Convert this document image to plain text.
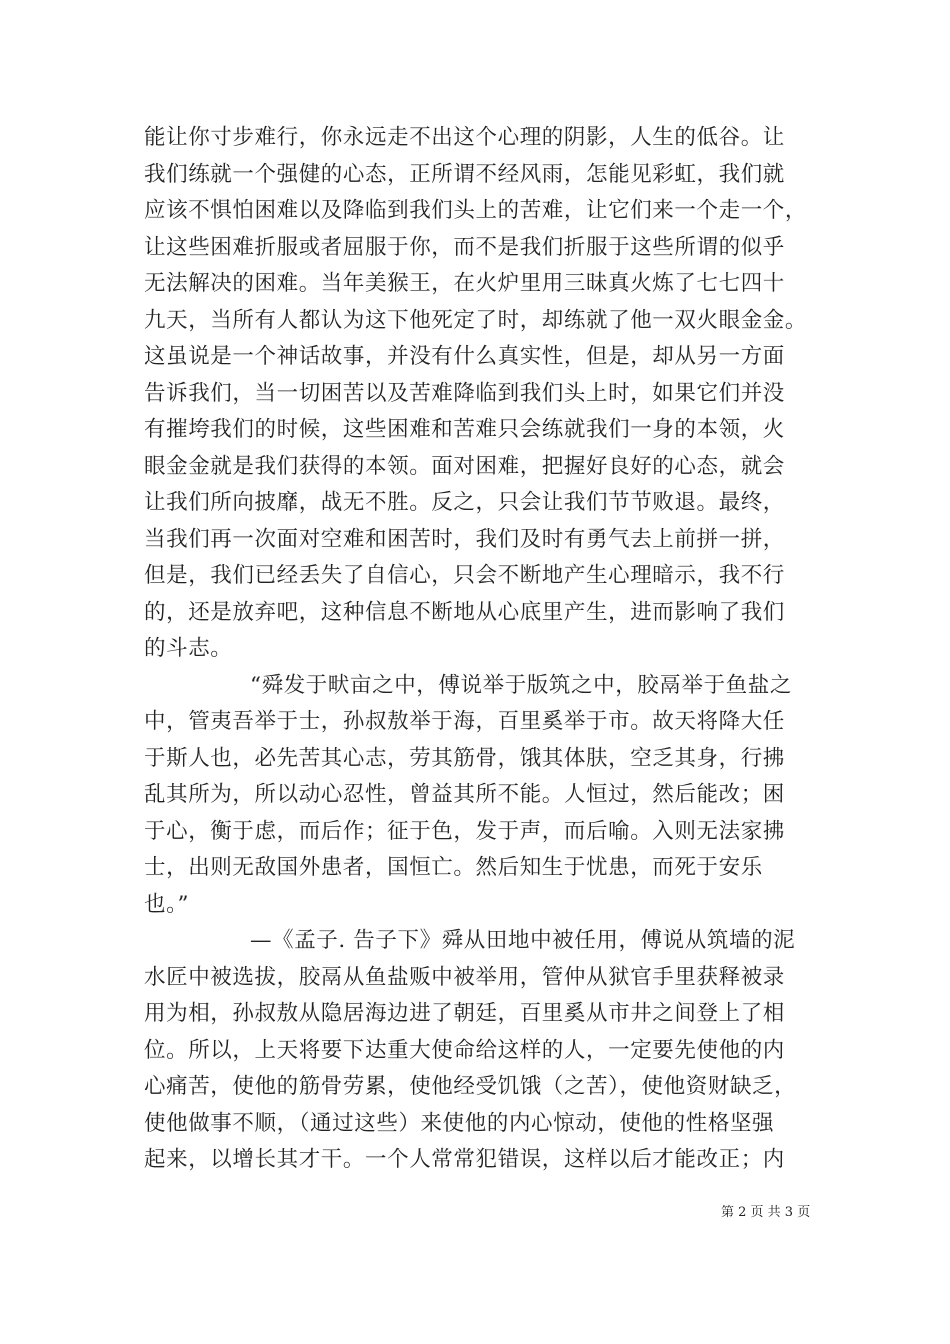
能让你寸步难行，你永远走不出这个心理的阴影，人生的低谷。让
我们练就一个强健的心态，正所谓不经风雨，怎能见彩虹，我们就
应该不惧怕困难以及降临到我们头上的苦难，让它们来一个走一个，
让这些困难折服或者屈服于你，而不是我们折服于这些所谓的似乎
无法解决的困难。当年美猴王，在火炉里用三昧真火炼了七七四十
九天，当所有人都认为这下他死定了时，却练就了他一双火眼金金。
这虽说是一个神话故事，并没有什么真实性，但是，却从另一方面
告诉我们，当一切困苦以及苦难降临到我们头上时，如果它们并没
有摧垮我们的时候，这些困难和苦难只会练就我们一身的本领，火
眼金金就是我们获得的本领。面对困难，把握好良好的心态，就会
让我们所向披靡，战无不胜。反之，只会让我们节节败退。最终，
当我们再一次面对空难和困苦时，我们及时有勇气去上前拼一拼，
但是，我们已经丢失了自信心，只会不断地产生心理暗示，我不行
的，还是放弃吧，这种信息不断地从心底里产生，进而影响了我们
的斗志。
“舜发于畎亩之中，傅说举于版筑之中，胶鬲举于鱼盐之
中，管夷吾举于士，孙叔敖举于海，百里奚举于市。故天将降大任
于斯人也，必先苦其心志，劳其筋骨，饿其体肤，空乏其身，行拂
乱其所为，所以动心忍性，曾益其所不能。人恒过，然后能改；困
于心，衡于虑，而后作；征于色，发于声，而后喻。入则无法家拂
士，出则无敌国外患者，国恒亡。然后知生于忧患，而死于安乐
也。”
—《孟子. 告子下》舜从田地中被任用，傅说从筑墙的泥
水匠中被选拔，胶鬲从鱼盐贩中被举用，管仲从狱官手里获释被录
用为相，孙叔敖从隐居海边进了朝廷，百里奚从市井之间登上了相
位。所以，上天将要下达重大使命给这样的人，一定要先使他的内
心痛苦，使他的筋骨劳累，使他经受饥饿（之苦），使他资财缺乏，
使他做事不顺，（通过这些）来使他的内心惊动，使他的性格坚强
起来，以增长其才干。一个人常常犯错误，这样以后才能改正；内
第 2 页 共 3 页
